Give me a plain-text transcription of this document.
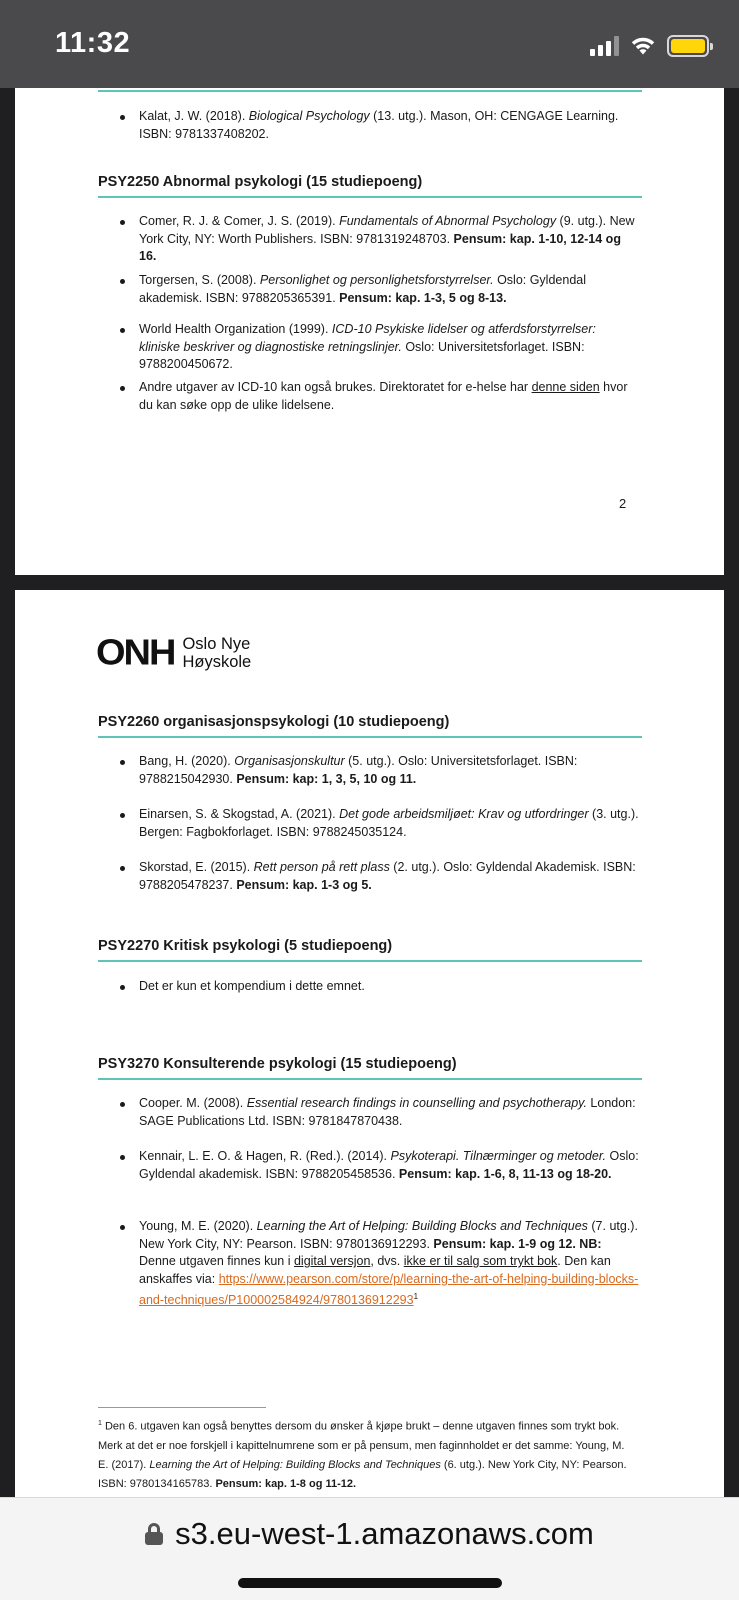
11:32
Kalat, J. W. (2018). Biological Psychology (13. utg.). Mason, OH: CENGAGE Learning. ISBN: 9781337408202.
PSY2250 Abnormal psykologi (15 studiepoeng)
Comer, R. J. & Comer, J. S. (2019). Fundamentals of Abnormal Psychology (9. utg.). New York City, NY: Worth Publishers. ISBN: 9781319248703. Pensum: kap. 1-10, 12-14 og 16.
Torgersen, S. (2008). Personlighet og personlighetsforstyrrelser. Oslo: Gyldendal akademisk. ISBN: 9788205365391. Pensum: kap. 1-3, 5 og 8-13.
World Health Organization (1999). ICD-10 Psykiske lidelser og atferdsforstyrrelser: kliniske beskriver og diagnostiske retningslinjer. Oslo: Universitetsforlaget. ISBN: 9788200450672.
Andre utgaver av ICD-10 kan også brukes. Direktoratet for e-helse har denne siden hvor du kan søke opp de ulike lidelsene.
2
ONH Oslo Nye
Høyskole
PSY2260 organisasjonspsykologi (10 studiepoeng)
Bang, H. (2020). Organisasjonskultur (5. utg.). Oslo: Universitetsforlaget. ISBN: 9788215042930. Pensum: kap: 1, 3, 5, 10 og 11.
Einarsen, S. & Skogstad, A. (2021). Det gode arbeidsmiljøet: Krav og utfordringer (3. utg.). Bergen: Fagbokforlaget. ISBN: 9788245035124.
Skorstad, E. (2015). Rett person på rett plass (2. utg.). Oslo: Gyldendal Akademisk. ISBN: 9788205478237. Pensum: kap. 1-3 og 5.
PSY2270 Kritisk psykologi (5 studiepoeng)
Det er kun et kompendium i dette emnet.
PSY3270 Konsulterende psykologi (15 studiepoeng)
Cooper. M. (2008). Essential research findings in counselling and psychotherapy. London: SAGE Publications Ltd. ISBN: 9781847870438.
Kennair, L. E. O. & Hagen, R. (Red.). (2014). Psykoterapi. Tilnærminger og metoder. Oslo: Gyldendal akademisk. ISBN: 9788205458536. Pensum: kap. 1-6, 8, 11-13 og 18-20.
Young, M. E. (2020). Learning the Art of Helping: Building Blocks and Techniques (7. utg.). New York City, NY: Pearson. ISBN: 9780136912293. Pensum: kap. 1-9 og 12. NB: Denne utgaven finnes kun i digital versjon, dvs. ikke er til salg som trykt bok. Den kan anskaffes via: https://www.pearson.com/store/p/learning-the-art-of-helping-building-blocks-and-techniques/P100002584924/9780136912293$^1$
$^1$ Den 6. utgaven kan også benyttes dersom du ønsker å kjøpe brukt – denne utgaven finnes som trykt bok. Merk at det er noe forskjell i kapittelnumrene som er på pensum, men faginnholdet er det samme: Young, M. E. (2017). Learning the Art of Helping: Building Blocks and Techniques (6. utg.). New York City, NY: Pearson. ISBN: 9780134165783. Pensum: kap. 1-8 og 11-12.
s3.eu-west-1.amazonaws.com
